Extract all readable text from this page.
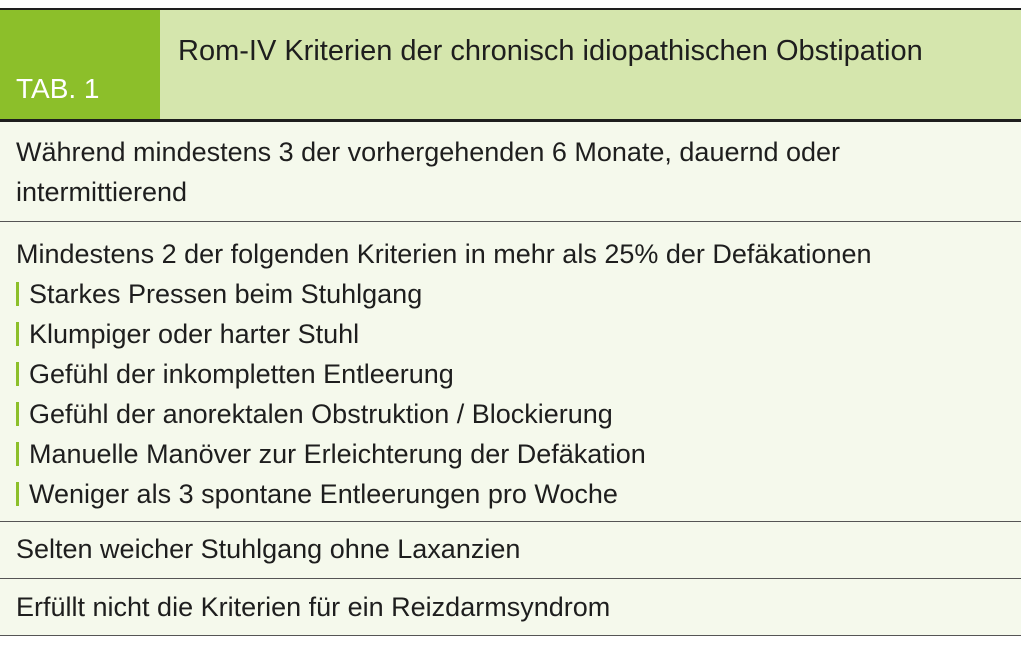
TAB. 1
Rom-IV Kriterien der chronisch idiopathischen Obstipation
Während mindestens 3 der vorhergehenden 6 Monate, dauernd oder intermittierend
Mindestens 2 der folgenden Kriterien in mehr als 25% der Defäkationen
Starkes Pressen beim Stuhlgang
Klumpiger oder harter Stuhl
Gefühl der inkompletten Entleerung
Gefühl der anorektalen Obstruktion / Blockierung
Manuelle Manöver zur Erleichterung der Defäkation
Weniger als 3 spontane Entleerungen pro Woche
Selten weicher Stuhlgang ohne Laxanzien
Erfüllt nicht die Kriterien für ein Reizdarmsyndrom
